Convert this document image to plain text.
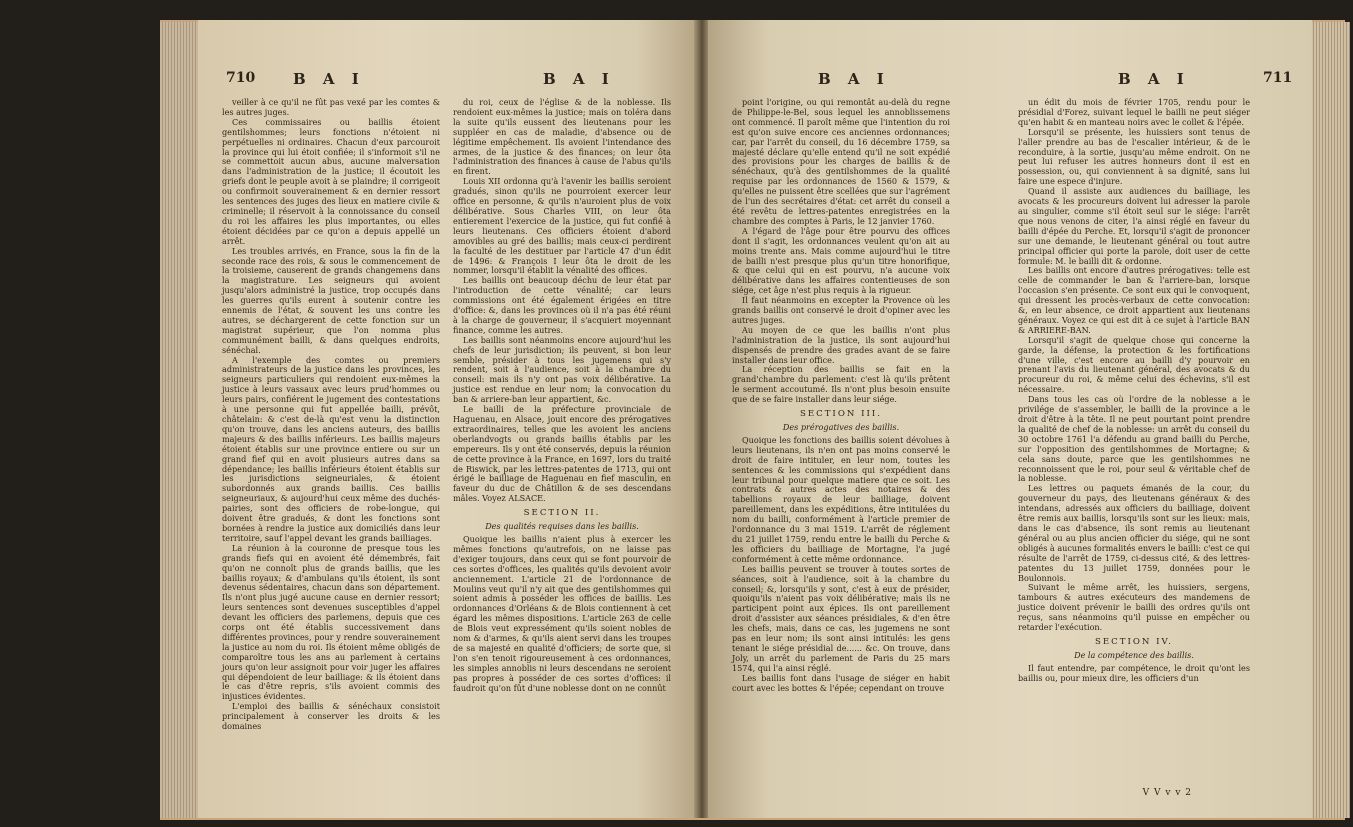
710	B A I	B A I

veiller à ce qu'il ne fût pas vexé par les comtes & les autres juges.

Ces commissaires ou baillis étoient gentilshommes; leurs fonctions n'étoient ni perpétuelles ni ordinaires. Chacun d'eux parcouroit la province qui lui étoit confiée; il s'informoit s'il ne se commettoit aucun abus, aucune malversation dans l'administration de la justice; il écoutoit les griefs dont le peuple avoit à se plaindre; il corrigeoit ou confirmoit souverainement & en dernier ressort les sentences des juges des lieux en matiere civile & criminelle; il réservoit à la connoissance du conseil du roi les affaires les plus importantes, ou elles étoient décidées par ce qu'on a depuis appellé un arrêt.

Les troubles arrivés, en France, sous la fin de la seconde race des rois, & sous le commencement de la troisieme, causerent de grands changemens dans la magistrature. Les seigneurs qui avoient jusqu'alors administré la justice, trop occupés dans les guerres qu'ils eurent à soutenir contre les ennemis de l'état, & souvent les uns contre les autres, se déchargerent de cette fonction sur un magistrat supérieur, que l'on nomma plus communément bailli, & dans quelques endroits, sénéchal.

A l'exemple des comtes ou premiers administrateurs de la justice dans les provinces, les seigneurs particuliers qui rendoient eux-mêmes la justice à leurs vassaux avec leurs prud'hommes ou leurs pairs, confiérent le jugement des contestations à une personne qui fut appellée bailli, prévôt, châtelain: & c'est de-là qu'est venu la distinction qu'on trouve, dans les anciens auteurs, des baillis majeurs & des baillis inférieurs. Les baillis majeurs étoient établis sur une province entiere ou sur un grand fief qui en avoit plusieurs autres dans sa dépendance; les baillis inférieurs étoient établis sur les jurisdictions seigneuriales, & étoient subordonnés aux grands baillis. Ces baillis seigneuriaux, & aujourd'hui ceux même des duchés-pairies, sont des officiers de robe-longue, qui doivent être gradués, & dont les fonctions sont bornées à rendre la justice aux domiciliés dans leur territoire, sauf l'appel devant les grands bailliages.

La réunion à la couronne de presque tous les grands fiefs qui en avoient été démembrés, fait qu'on ne connoît plus de grands baillis, que les baillis royaux; & d'ambulans qu'ils étoient, ils sont devenus sédentaires, chacun dans son département. Ils n'ont plus jugé aucune cause en dernier ressort; leurs sentences sont devenues susceptibles d'appel devant les officiers des parlemens, depuis que ces corps ont été établis successivement dans différentes provinces, pour y rendre souverainement la justice au nom du roi. Ils étoient même obligés de comparoître tous les ans au parlement à certains jours qu'on leur assignoit pour voir juger les affaires qui dépendoient de leur bailliage: & ils étoient dans le cas d'être repris, s'ils avoient commis des injustices évidentes.

L'emploi des baillis & sénéchaux consistoit principalement à conserver les droits & les domaines

du roi, ceux de l'église & de la noblesse. Ils rendoient eux-mêmes la justice; mais on toléra dans la suite qu'ils eussent des lieutenans pour les suppléer en cas de maladie, d'absence ou de légitime empêchement. Ils avoient l'intendance des armes, de la justice & des finances; on leur ôta l'administration des finances à cause de l'abus qu'ils en firent.

Louis XII ordonna qu'à l'avenir les baillis seroient gradués, sinon qu'ils ne pourroient exercer leur office en personne, & qu'ils n'auroient plus de voix délibérative. Sous Charles VIII, on leur ôta entierement l'exercice de la justice, qui fut confié à leurs lieutenans. Ces officiers étoient d'abord amovibles au gré des baillis; mais ceux-ci perdirent la faculté de les destituer par l'article 47 d'un édit de 1496: & François I leur ôta le droit de les nommer, lorsqu'il établit la vénalité des offices.

Les baillis ont beaucoup déchu de leur état par l'introduction de cette vénalité; car leurs commissions ont été également érigées en titre d'office: &, dans les provinces où il n'a pas été réuni à la charge de gouverneur, il s'acquiert moyennant finance, comme les autres.

Les baillis sont néanmoins encore aujourd'hui les chefs de leur jurisdiction; ils peuvent, si bon leur semble, présider à tous les jugemens qui s'y rendent, soit à l'audience, soit à la chambre du conseil: mais ils n'y ont pas voix délibérative. La justice est rendue en leur nom; la convocation du ban & arriere-ban leur appartient, &c.

Le bailli de la préfecture provinciale de Haguenau, en Alsace, jouit encore des prérogatives extraordinaires, telles que les avoient les anciens oberlandvogts ou grands baillis établis par les empereurs. Ils y ont été conservés, depuis la réunion de cette province à la France, en 1697, lors du traité de Riswick, par les lettres-patentes de 1713, qui ont érigé le bailliage de Haguenau en fief masculin, en faveur du duc de Châtillon & de ses descendans mâles. Voyez ALSACE.

SECTION II.

Des qualités requises dans les baillis.

Quoique les baillis n'aient plus à exercer les mêmes fonctions qu'autrefois, on ne laisse pas d'exiger toujours, dans ceux qui se font pourvoir de ces sortes d'offices, les qualités qu'ils devoient avoir anciennement. L'article 21 de l'ordonnance de Moulins veut qu'il n'y ait que des gentilshommes qui soient admis à posséder les offices de baillis. Les ordonnances d'Orléans & de Blois contiennent à cet égard les mêmes dispositions. L'article 263 de celle de Blois veut expressément qu'ils soient nobles de nom & d'armes, & qu'ils aient servi dans les troupes de sa majesté en qualité d'officiers; de sorte que, si l'on s'en tenoit rigoureusement à ces ordonnances, les simples annoblis ni leurs descendans ne seroient pas propres à posséder de ces sortes d'offices: il faudroit qu'on fût d'une noblesse dont on ne connût

B A I	B A I	711

point l'origine, ou qui remontât au-delà du regne de Philippe-le-Bel, sous lequel les annoblissemens ont commencé. Il paroît même que l'intention du roi est qu'on suive encore ces anciennes ordonnances; car, par l'arrêt du conseil, du 16 décembre 1759, sa majesté déclare qu'elle entend qu'il ne soit expédié des provisions pour les charges de baillis & de sénéchaux, qu'à des gentilshommes de la qualité requise par les ordonnances de 1560 & 1579, & qu'elles ne puissent être scellées que sur l'agrément de l'un des secrétaires d'état: cet arrêt du conseil a été revêtu de lettres-patentes enregistrées en la chambre des comptes à Paris, le 12 janvier 1760.

A l'égard de l'âge pour être pourvu des offices dont il s'agit, les ordonnances veulent qu'on ait au moins trente ans. Mais comme aujourd'hui le titre de bailli n'est presque plus qu'un titre honorifique, & que celui qui en est pourvu, n'a aucune voix délibérative dans les affaires contentieuses de son siége, cet âge n'est plus requis à la rigueur.

Il faut néanmoins en excepter la Provence où les grands baillis ont conservé le droit d'opiner avec les autres juges.

Au moyen de ce que les baillis n'ont plus l'administration de la justice, ils sont aujourd'hui dispensés de prendre des grades avant de se faire installer dans leur office.

La réception des baillis se fait en la grand'chambre du parlement: c'est là qu'ils prêtent le serment accoutumé. Ils n'ont plus besoin ensuite que de se faire installer dans leur siége.

SECTION III.

Des prérogatives des baillis.

Quoique les fonctions des baillis soient dévolues à leurs lieutenans, ils n'en ont pas moins conservé le droit de faire intituler, en leur nom, toutes les sentences & les commissions qui s'expédient dans leur tribunal pour quelque matiere que ce soit. Les contrats & autres actes des notaires & des tabellions royaux de leur bailliage, doivent pareillement, dans les expéditions, être intitulées du nom du bailli, conformément à l'article premier de l'ordonnance du 3 mai 1519. L'arrêt de réglement du 21 juillet 1759, rendu entre le bailli du Perche & les officiers du bailliage de Mortagne, l'a jugé conformément à cette même ordonnance.

Les baillis peuvent se trouver à toutes sortes de séances, soit à l'audience, soit à la chambre du conseil; &, lorsqu'ils y sont, c'est à eux de présider, quoiqu'ils n'aient pas voix délibérative; mais ils ne participent point aux épices. Ils ont pareillement droit d'assister aux séances présidiales, & d'en être les chefs, mais, dans ce cas, les jugemens ne sont pas en leur nom; ils sont ainsi intitulés: les gens tenant le siége présidial de...... &c. On trouve, dans Joly, un arrêt du parlement de Paris du 25 mars 1574, qui l'a ainsi réglé.

Les baillis font dans l'usage de siéger en habit court avec les bottes & l'épée; cependant on trouve

un édit du mois de février 1705, rendu pour le présidial d'Forez, suivant lequel le bailli ne peut siéger qu'en habit & en manteau noirs avec le collet & l'épée.

Lorsqu'il se présente, les huissiers sont tenus de l'aller prendre au bas de l'escalier intérieur, & de le reconduire, à la sortie, jusqu'au même endroit. On ne peut lui refuser les autres honneurs dont il est en possession, ou, qui conviennent à sa dignité, sans lui faire une espece d'injure.

Quand il assiste aux audiences du bailliage, les avocats & les procureurs doivent lui adresser la parole au singulier, comme s'il étoit seul sur le siége: l'arrêt que nous venons de citer, l'a ainsi réglé en faveur du bailli d'épée du Perche. Et, lorsqu'il s'agit de prononcer sur une demande, le lieutenant général ou tout autre principal officier qui porte la parole, doit user de cette formule: M. le bailli dit & ordonne.

Les baillis ont encore d'autres prérogatives: telle est celle de commander le ban & l'arriere-ban, lorsque l'occasion s'en présente. Ce sont eux qui le convoquent, qui dressent les procès-verbaux de cette convocation: &, en leur absence, ce droit appartient aux lieutenans généraux. Voyez ce qui est dit à ce sujet à l'article BAN & ARRIERE-BAN.

Lorsqu'il s'agit de quelque chose qui concerne la garde, la défense, la protection & les fortifications d'une ville, c'est encore au bailli d'y pourvoir en prenant l'avis du lieutenant général, des avocats & du procureur du roi, & même celui des échevins, s'il est nécessaire.

Dans tous les cas où l'ordre de la noblesse a le privilége de s'assembler, le bailli de la province a le droit d'être à la tête. Il ne peut pourtant point prendre la qualité de chef de la noblesse: un arrêt du conseil du 30 octobre 1761 l'a défendu au grand bailli du Perche, sur l'opposition des gentilshommes de Mortagne; & cela sans doute, parce que les gentilshommes ne reconnoissent que le roi, pour seul & véritable chef de la noblesse.

Les lettres ou paquets émanés de la cour, du gouverneur du pays, des lieutenans généraux & des intendans, adressés aux officiers du bailliage, doivent être remis aux baillis, lorsqu'ils sont sur les lieux: mais, dans le cas d'absence, ils sont remis au lieutenant général ou au plus ancien officier du siége, qui ne sont obligés à aucunes formalités envers le bailli: c'est ce qui résulte de l'arrêt de 1759, ci-dessus cité, & des lettres-patentes du 13 juillet 1759, données pour le Boulonnois.

Suivant le même arrêt, les huissiers, sergens, tambours & autres exécuteurs des mandemens de justice doivent prévenir le bailli des ordres qu'ils ont reçus, sans néanmoins qu'il puisse en empêcher ou retarder l'exécution.

SECTION IV.

De la compétence des baillis.

Il faut entendre, par compétence, le droit qu'ont les baillis ou, pour mieux dire, les officiers d'un

V V v v 2
